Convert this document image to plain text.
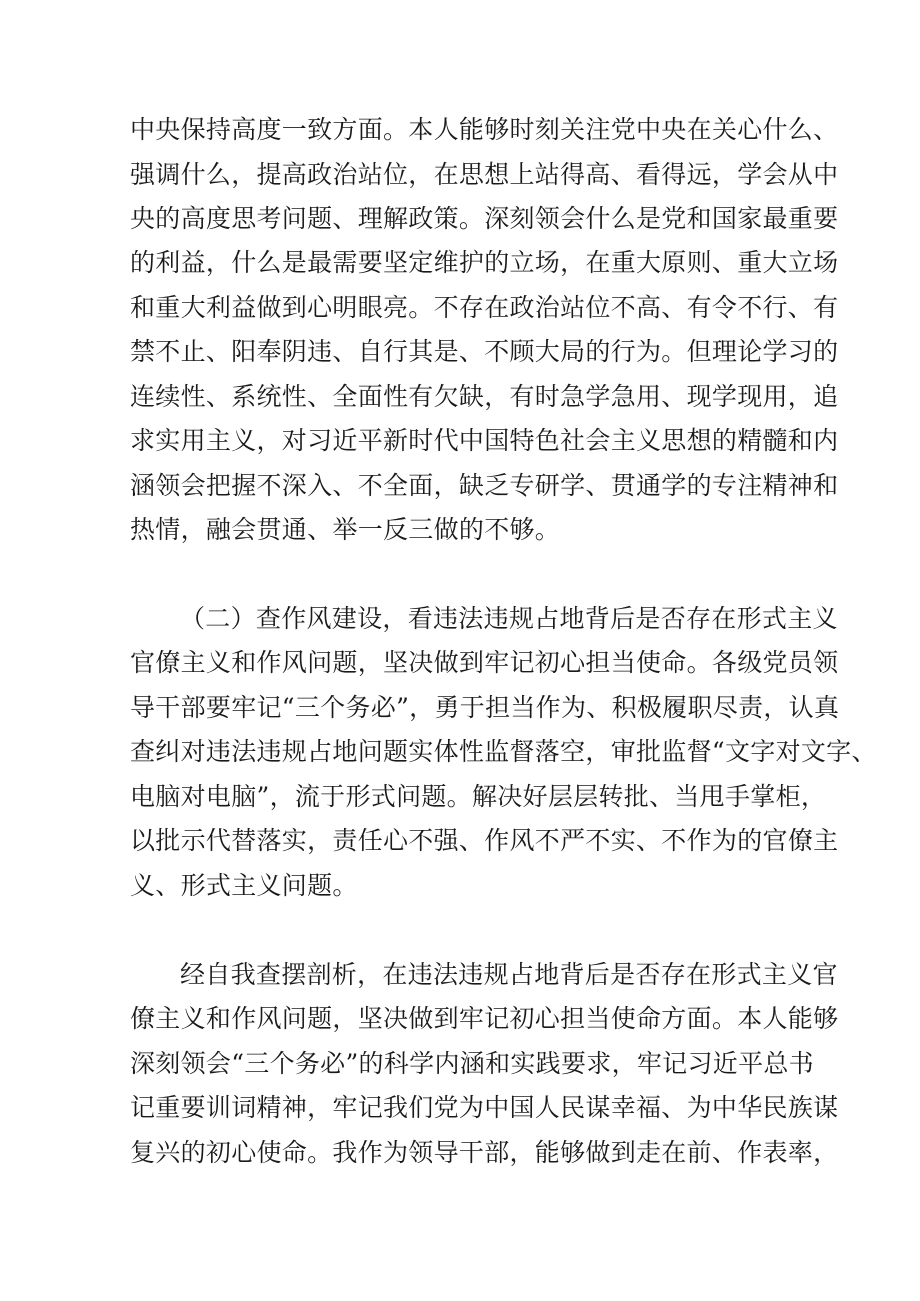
中央保持高度一致方面。本人能够时刻关注党中央在关心什么、
强调什么，提高政治站位，在思想上站得高、看得远，学会从中
央的高度思考问题、理解政策。深刻领会什么是党和国家最重要
的利益，什么是最需要坚定维护的立场，在重大原则、重大立场
和重大利益做到心明眼亮。不存在政治站位不高、有令不行、有
禁不止、阳奉阴违、自行其是、不顾大局的行为。但理论学习的
连续性、系统性、全面性有欠缺，有时急学急用、现学现用，追
求实用主义，对习近平新时代中国特色社会主义思想的精髓和内
涵领会把握不深入、不全面，缺乏专研学、贯通学的专注精神和
热情，融会贯通、举一反三做的不够。
（二）查作风建设，看违法违规占地背后是否存在形式主义
官僚主义和作风问题，坚决做到牢记初心担当使命。各级党员领
导干部要牢记“三个务必”，勇于担当作为、积极履职尽责，认真
查纠对违法违规占地问题实体性监督落空，审批监督“文字对文字、
电脑对电脑”，流于形式问题。解决好层层转批、当甩手掌柜，
以批示代替落实，责任心不强、作风不严不实、不作为的官僚主
义、形式主义问题。
经自我查摆剖析，在违法违规占地背后是否存在形式主义官
僚主义和作风问题，坚决做到牢记初心担当使命方面。本人能够
深刻领会“三个务必”的科学内涵和实践要求，牢记习近平总书
记重要训词精神，牢记我们党为中国人民谋幸福、为中华民族谋
复兴的初心使命。我作为领导干部，能够做到走在前、作表率，
